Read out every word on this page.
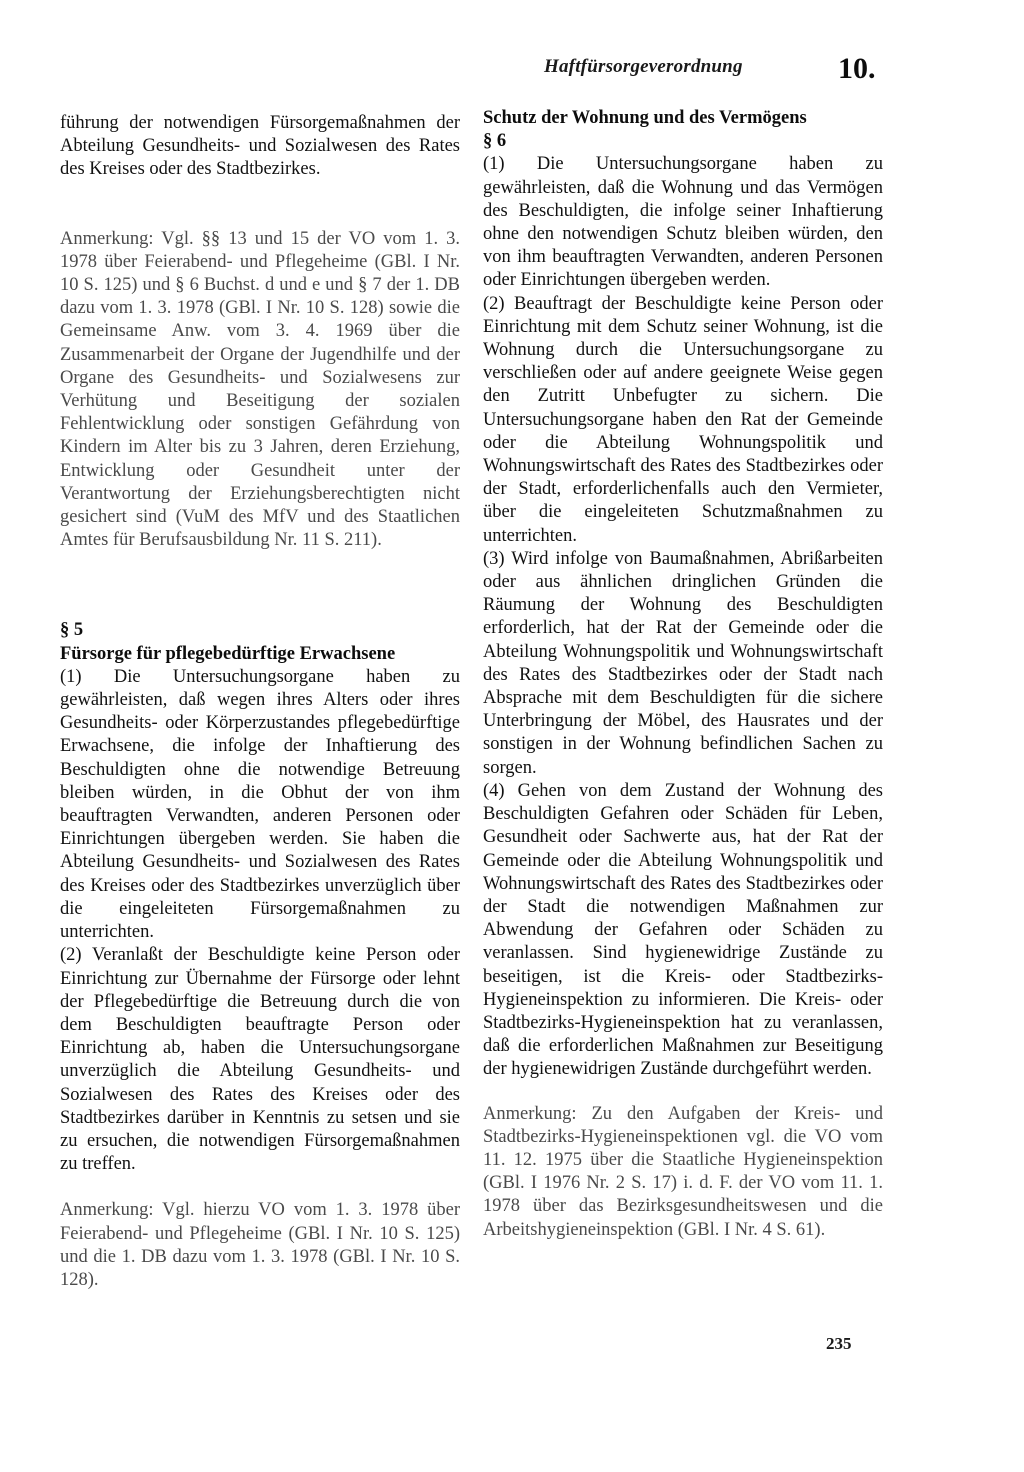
Haftfürsorgeverordnung	10.

führung der notwendigen Fürsorgemaßnahmen der Abteilung Gesundheits- und Sozialwesen des Rates des Kreises oder des Stadtbezirkes.

Anmerkung: Vgl. §§ 13 und 15 der VO vom 1. 3. 1978 über Feierabend- und Pflegeheime (GBl. I Nr. 10 S. 125) und § 6 Buchst. d und e und § 7 der 1. DB dazu vom 1. 3. 1978 (GBl. I Nr. 10 S. 128) sowie die Gemeinsame Anw. vom 3. 4. 1969 über die Zusammenarbeit der Organe der Jugendhilfe und der Organe des Gesundheits- und Sozialwesens zur Verhütung und Beseitigung der sozialen Fehlentwicklung oder sonstigen Gefährdung von Kindern im Alter bis zu 3 Jahren, deren Erziehung, Entwicklung oder Gesundheit unter der Verantwortung der Erziehungsberechtigten nicht gesichert sind (VuM des MfV und des Staatlichen Amtes für Berufsausbildung Nr. 11 S. 211).

§ 5

Fürsorge für pflegebedürftige Erwachsene

(1) Die Untersuchungsorgane haben zu gewährleisten, daß wegen ihres Alters oder ihres Gesundheits- oder Körperzustandes pflegebedürftige Erwachsene, die infolge der Inhaftierung des Beschuldigten ohne die notwendige Betreuung bleiben würden, in die Obhut der von ihm beauftragten Verwandten, anderen Personen oder Einrichtungen übergeben werden. Sie haben die Abteilung Gesundheits- und Sozialwesen des Rates des Kreises oder des Stadtbezirkes unverzüglich über die eingeleiteten Fürsorgemaßnahmen zu unterrichten.

(2) Veranlaßt der Beschuldigte keine Person oder Einrichtung zur Übernahme der Fürsorge oder lehnt der Pflegebedürftige die Betreuung durch die von dem Beschuldigten beauftragte Person oder Einrichtung ab, haben die Untersuchungsorgane unverzüglich die Abteilung Gesundheits- und Sozialwesen des Rates des Kreises oder des Stadtbezirkes darüber in Kenntnis zu setsen und sie zu ersuchen, die notwendigen Fürsorgemaßnahmen zu treffen.

Anmerkung: Vgl. hierzu VO vom 1. 3. 1978 über Feierabend- und Pflegeheime (GBl. I Nr. 10 S. 125) und die 1. DB dazu vom 1. 3. 1978 (GBl. I Nr. 10 S. 128).

Schutz der Wohnung und des Vermögens

§ 6

(1) Die Untersuchungsorgane haben zu gewährleisten, daß die Wohnung und das Vermögen des Beschuldigten, die infolge seiner Inhaftierung ohne den notwendigen Schutz bleiben würden, den von ihm beauftragten Verwandten, anderen Personen oder Einrichtungen übergeben werden.

(2) Beauftragt der Beschuldigte keine Person oder Einrichtung mit dem Schutz seiner Wohnung, ist die Wohnung durch die Untersuchungsorgane zu verschließen oder auf andere geeignete Weise gegen den Zutritt Unbefugter zu sichern. Die Untersuchungsorgane haben den Rat der Gemeinde oder die Abteilung Wohnungspolitik und Wohnungswirtschaft des Rates des Stadtbezirkes oder der Stadt, erforderlichenfalls auch den Vermieter, über die eingeleiteten Schutzmaßnahmen zu unterrichten.

(3) Wird infolge von Baumaßnahmen, Abrißarbeiten oder aus ähnlichen dringlichen Gründen die Räumung der Wohnung des Beschuldigten erforderlich, hat der Rat der Gemeinde oder die Abteilung Wohnungspolitik und Wohnungswirtschaft des Rates des Stadtbezirkes oder der Stadt nach Absprache mit dem Beschuldigten für die sichere Unterbringung der Möbel, des Hausrates und der sonstigen in der Wohnung befindlichen Sachen zu sorgen.

(4) Gehen von dem Zustand der Wohnung des Beschuldigten Gefahren oder Schäden für Leben, Gesundheit oder Sachwerte aus, hat der Rat der Gemeinde oder die Abteilung Wohnungspolitik und Wohnungswirtschaft des Rates des Stadtbezirkes oder der Stadt die notwendigen Maßnahmen zur Abwendung der Gefahren oder Schäden zu veranlassen. Sind hygienewidrige Zustände zu beseitigen, ist die Kreis- oder Stadtbezirks-Hygieneinspektion zu informieren. Die Kreis- oder Stadtbezirks-Hygieneinspektion hat zu veranlassen, daß die erforderlichen Maßnahmen zur Beseitigung der hygienewidrigen Zustände durchgeführt werden.

Anmerkung: Zu den Aufgaben der Kreis- und Stadtbezirks-Hygieneinspektionen vgl. die VO vom 11. 12. 1975 über die Staatliche Hygieneinspektion (GBl. I 1976 Nr. 2 S. 17) i. d. F. der VO vom 11. 1. 1978 über das Bezirksgesundheitswesen und die Arbeitshygieneinspektion (GBl. I Nr. 4 S. 61).

235
